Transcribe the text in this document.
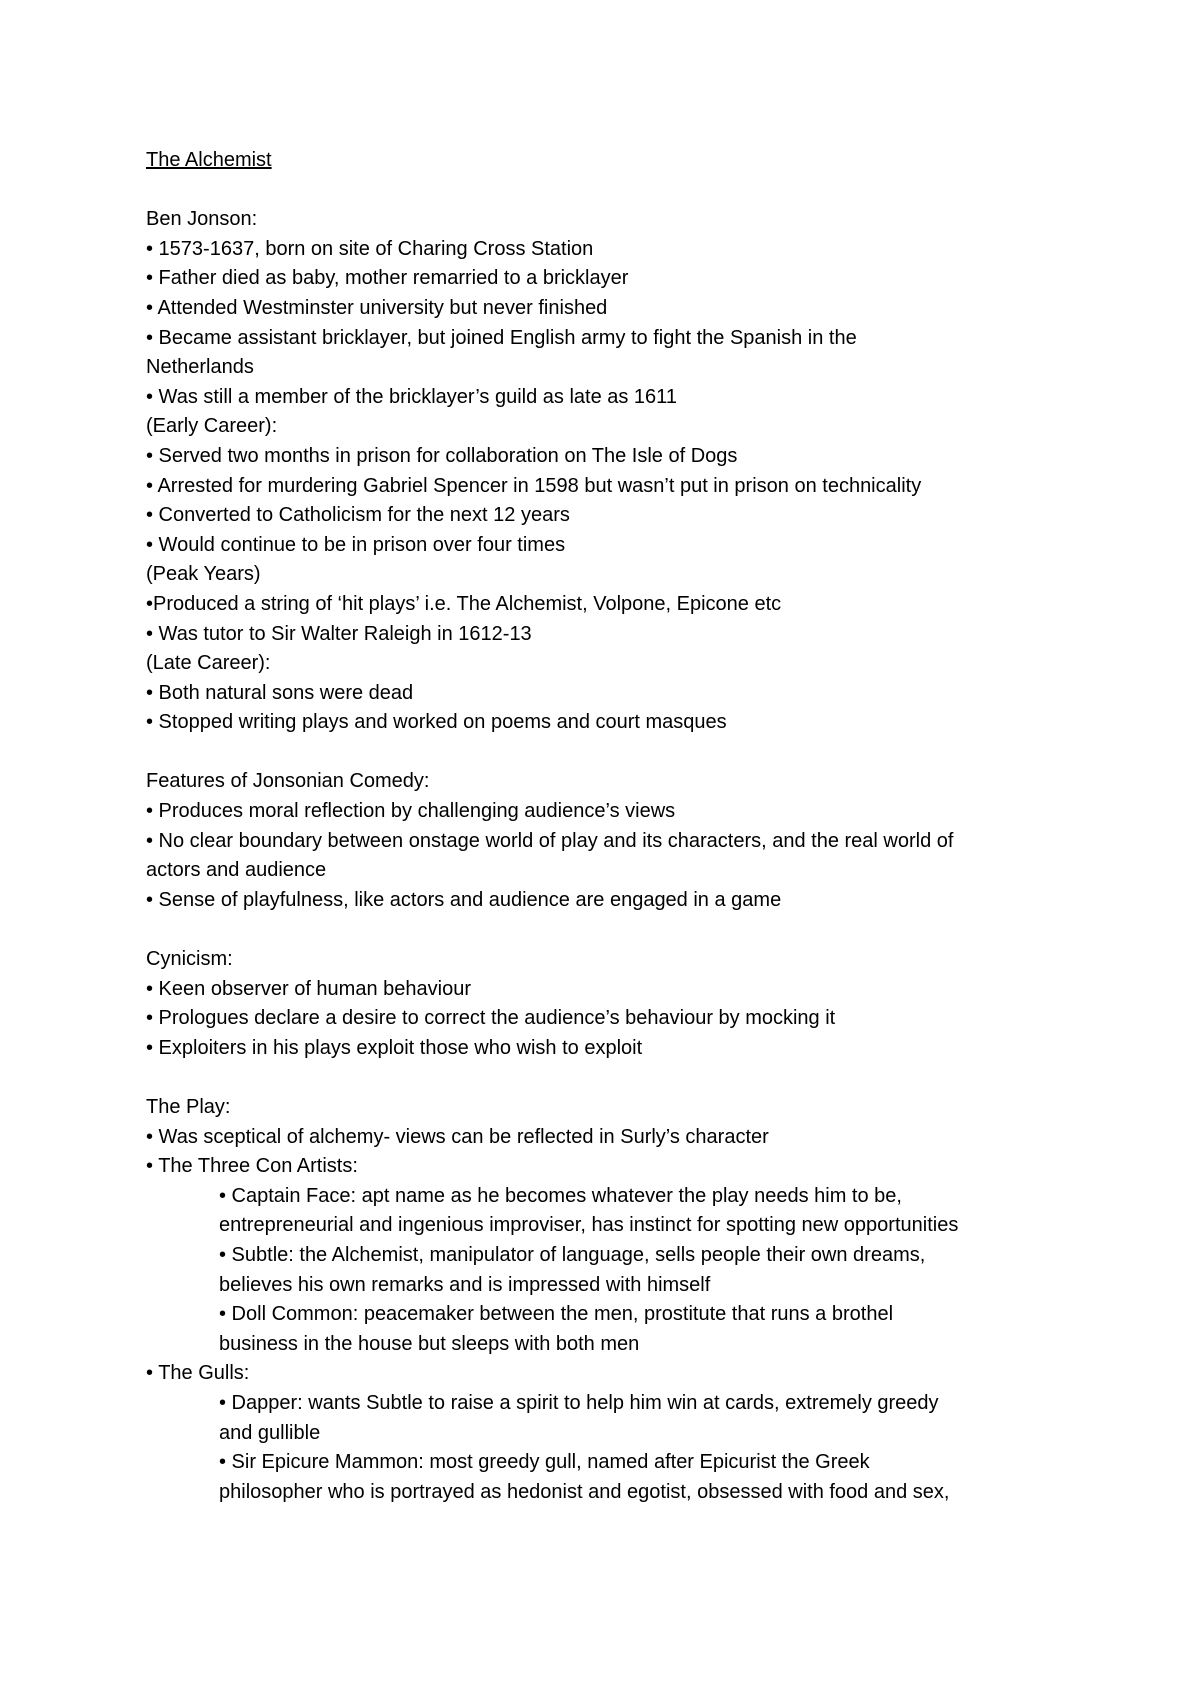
The Alchemist
Ben Jonson:
• 1573-1637, born on site of Charing Cross Station
• Father died as baby, mother remarried to a bricklayer
• Attended Westminster university but never finished
• Became assistant bricklayer, but joined English army to fight the Spanish in the
Netherlands
• Was still a member of the bricklayer’s guild as late as 1611
(Early Career):
• Served two months in prison for collaboration on The Isle of Dogs
• Arrested for murdering Gabriel Spencer in 1598 but wasn’t put in prison on technicality
• Converted to Catholicism for the next 12 years
• Would continue to be in prison over four times
(Peak Years)
•Produced a string of ‘hit plays’ i.e. The Alchemist, Volpone, Epicone etc
• Was tutor to Sir Walter Raleigh in 1612-13
(Late Career):
• Both natural sons were dead
• Stopped writing plays and worked on poems and court masques
Features of Jonsonian Comedy:
• Produces moral reflection by challenging audience’s views
• No clear boundary between onstage world of play and its characters, and the real world of
actors and audience
• Sense of playfulness, like actors and audience are engaged in a game
Cynicism:
• Keen observer of human behaviour
• Prologues declare a desire to correct the audience’s behaviour by mocking it
• Exploiters in his plays exploit those who wish to exploit
The Play:
• Was sceptical of alchemy- views can be reflected in Surly’s character
• The Three Con Artists:
• Captain Face: apt name as he becomes whatever the play needs him to be,
entrepreneurial and ingenious improviser, has instinct for spotting new opportunities
• Subtle: the Alchemist, manipulator of language, sells people their own dreams,
believes his own remarks and is impressed with himself
• Doll Common: peacemaker between the men, prostitute that runs a brothel
business in the house but sleeps with both men
• The Gulls:
• Dapper: wants Subtle to raise a spirit to help him win at cards, extremely greedy
and gullible
• Sir Epicure Mammon: most greedy gull, named after Epicurist the Greek
philosopher who is portrayed as hedonist and egotist, obsessed with food and sex,
